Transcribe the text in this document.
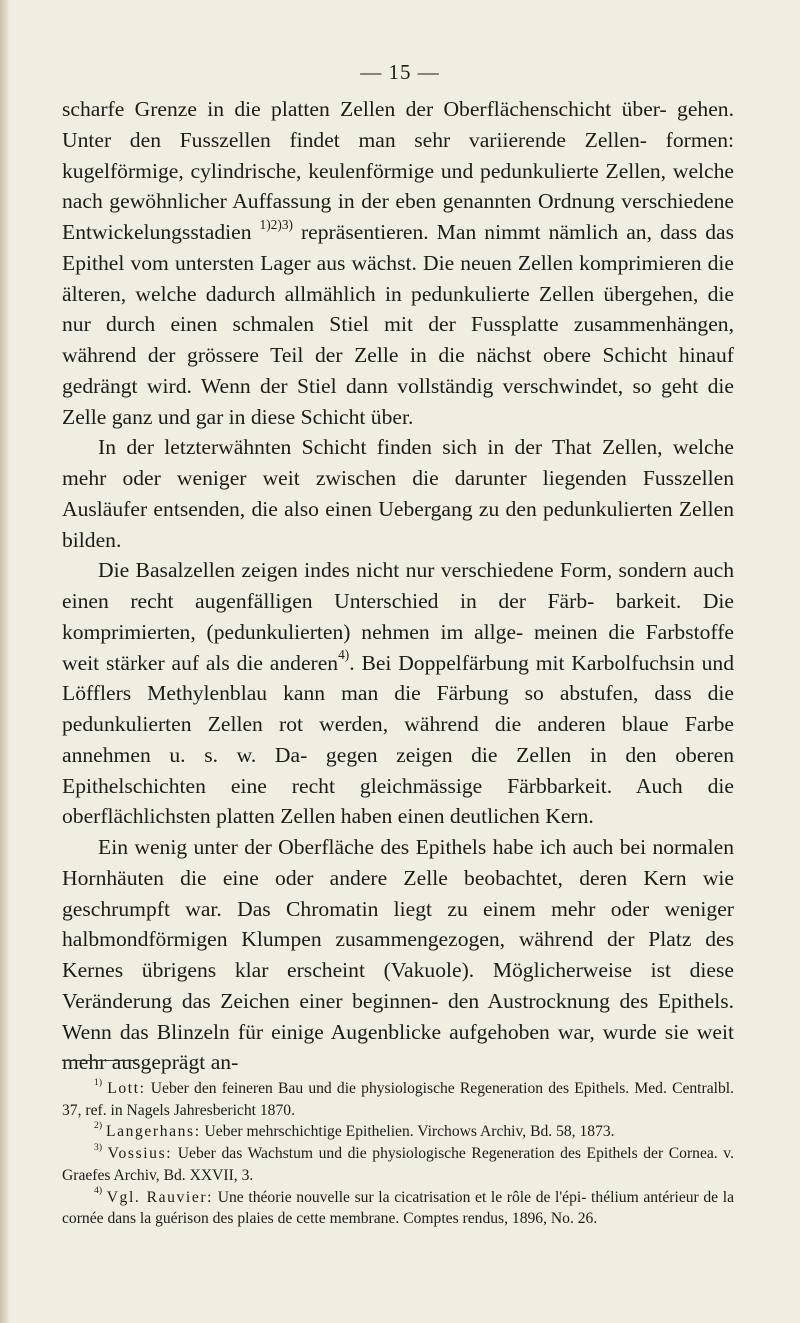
— 15 —

scharfe Grenze in die platten Zellen der Oberflächenschicht über- gehen. Unter den Fusszellen findet man sehr variierende Zellen- formen: kugelförmige, cylindrische, keulenförmige und pedunkulierte Zellen, welche nach gewöhnlicher Auffassung in der eben genannten Ordnung verschiedene Entwickelungsstadien $^{1)2)3)}$ repräsentieren. Man nimmt nämlich an, dass das Epithel vom untersten Lager aus wächst. Die neuen Zellen komprimieren die älteren, welche dadurch allmählich in pedunkulierte Zellen übergehen, die nur durch einen schmalen Stiel mit der Fussplatte zusammenhängen, während der grössere Teil der Zelle in die nächst obere Schicht hinauf gedrängt wird. Wenn der Stiel dann vollständig verschwindet, so geht die Zelle ganz und gar in diese Schicht über.

In der letzterwähnten Schicht finden sich in der That Zellen, welche mehr oder weniger weit zwischen die darunter liegenden Fusszellen Ausläufer entsenden, die also einen Uebergang zu den pedunkulierten Zellen bilden.

Die Basalzellen zeigen indes nicht nur verschiedene Form, sondern auch einen recht augenfälligen Unterschied in der Färb- barkeit. Die komprimierten, (pedunkulierten) nehmen im allge- meinen die Farbstoffe weit stärker auf als die anderen$^{4)}$. Bei Doppelfärbung mit Karbolfuchsin und Löfflers Methylenblau kann man die Färbung so abstufen, dass die pedunkulierten Zellen rot werden, während die anderen blaue Farbe annehmen u. s. w. Da- gegen zeigen die Zellen in den oberen Epithelschichten eine recht gleichmässige Färbbarkeit. Auch die oberflächlichsten platten Zellen haben einen deutlichen Kern.

Ein wenig unter der Oberfläche des Epithels habe ich auch bei normalen Hornhäuten die eine oder andere Zelle beobachtet, deren Kern wie geschrumpft war. Das Chromatin liegt zu einem mehr oder weniger halbmondförmigen Klumpen zusammengezogen, während der Platz des Kernes übrigens klar erscheint (Vakuole). Möglicherweise ist diese Veränderung das Zeichen einer beginnen- den Austrocknung des Epithels. Wenn das Blinzeln für einige Augenblicke aufgehoben war, wurde sie weit mehr ausgeprägt an-

$^{1)}$ Lott: Ueber den feineren Bau und die physiologische Regeneration des Epithels. Med. Centralbl. 37, ref. in Nagels Jahresbericht 1870.

$^{2)}$ Langerhans: Ueber mehrschichtige Epithelien. Virchows Archiv, Bd. 58, 1873.

$^{3)}$ Vossius: Ueber das Wachstum und die physiologische Regeneration des Epithels der Cornea. v. Graefes Archiv, Bd. XXVII, 3.

$^{4)}$ Vgl. Rauvier: Une théorie nouvelle sur la cicatrisation et le rôle de l'épi- thélium antérieur de la cornée dans la guérison des plaies de cette membrane. Comptes rendus, 1896, No. 26.
